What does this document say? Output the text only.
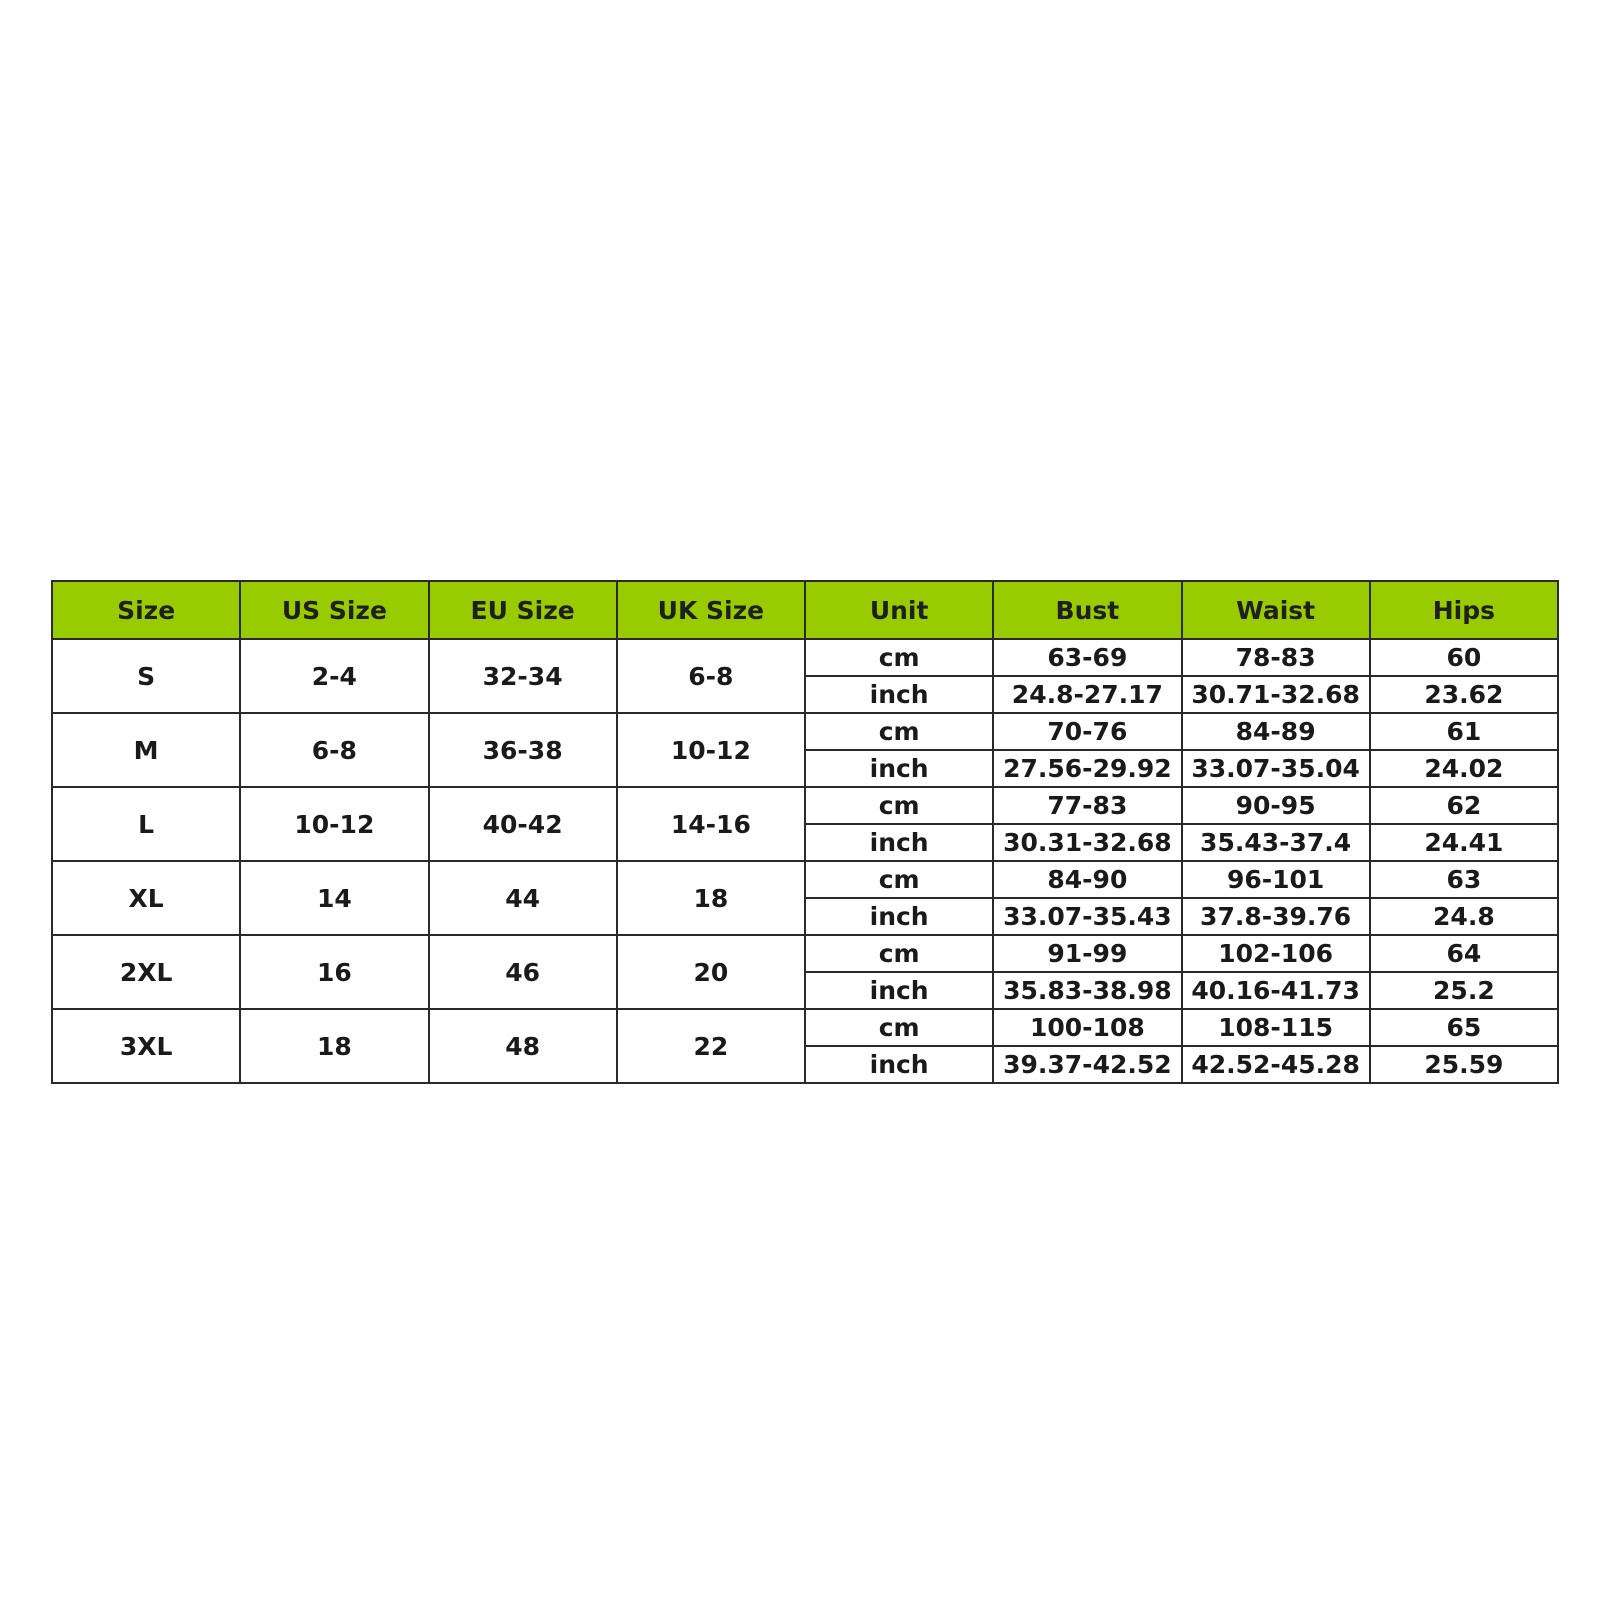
Size	US Size	EU Size	UK Size	Unit	Bust	Waist	Hips
S	2-4	32-34	6-8	cm	63-69	78-83	60
				inch	24.8-27.17	30.71-32.68	23.62
M	6-8	36-38	10-12	cm	70-76	84-89	61
				inch	27.56-29.92	33.07-35.04	24.02
L	10-12	40-42	14-16	cm	77-83	90-95	62
				inch	30.31-32.68	35.43-37.4	24.41
XL	14	44	18	cm	84-90	96-101	63
				inch	33.07-35.43	37.8-39.76	24.8
2XL	16	46	20	cm	91-99	102-106	64
				inch	35.83-38.98	40.16-41.73	25.2
3XL	18	48	22	cm	100-108	108-115	65
				inch	39.37-42.52	42.52-45.28	25.59
